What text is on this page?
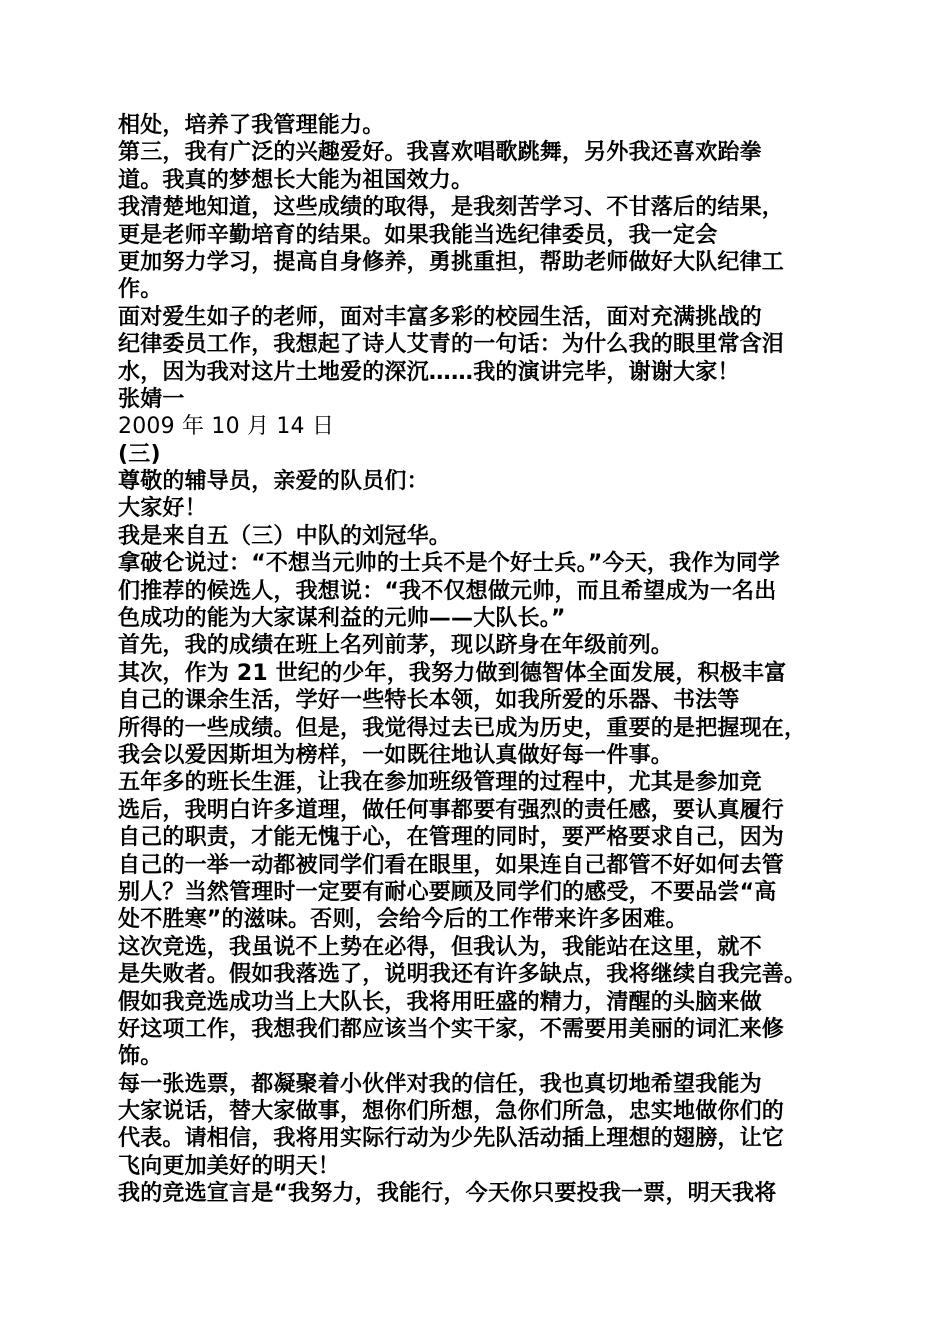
相处，培养了我管理能力。
第三，我有广泛的兴趣爱好。我喜欢唱歌跳舞，另外我还喜欢跆拳
道。我真的梦想长大能为祖国效力。
我清楚地知道，这些成绩的取得，是我刻苦学习、不甘落后的结果，
更是老师辛勤培育的结果。如果我能当选纪律委员，我一定会
更加努力学习，提高自身修养，勇挑重担，帮助老师做好大队纪律工
作。
面对爱生如子的老师，面对丰富多彩的校园生活，面对充满挑战的
纪律委员工作，我想起了诗人艾青的一句话：为什么我的眼里常含泪
水，因为我对这片土地爱的深沉……我的演讲完毕，谢谢大家！
张婧一
2009 年 10 月 14 日
(三)
尊敬的辅导员，亲爱的队员们：
大家好！
我是来自五（三）中队的刘冠华。
拿破仑说过：“不想当元帅的士兵不是个好士兵。”今天，我作为同学
们推荐的候选人，我想说：“我不仅想做元帅，而且希望成为一名出
色成功的能为大家谋利益的元帅——大队长。”
首先，我的成绩在班上名列前茅，现以跻身在年级前列。
其次，作为 21 世纪的少年，我努力做到德智体全面发展，积极丰富
自己的课余生活，学好一些特长本领，如我所爱的乐器、书法等
所得的一些成绩。但是，我觉得过去已成为历史，重要的是把握现在，
我会以爱因斯坦为榜样，一如既往地认真做好每一件事。
五年多的班长生涯，让我在参加班级管理的过程中，尤其是参加竞
选后，我明白许多道理，做任何事都要有强烈的责任感，要认真履行
自己的职责，才能无愧于心，在管理的同时，要严格要求自己，因为
自己的一举一动都被同学们看在眼里，如果连自己都管不好如何去管
别人？当然管理时一定要有耐心要顾及同学们的感受，不要品尝“高
处不胜寒”的滋味。否则，会给今后的工作带来许多困难。
这次竞选，我虽说不上势在必得，但我认为，我能站在这里，就不
是失败者。假如我落选了，说明我还有许多缺点，我将继续自我完善。
假如我竞选成功当上大队长，我将用旺盛的精力，清醒的头脑来做
好这项工作，我想我们都应该当个实干家，不需要用美丽的词汇来修
饰。
每一张选票，都凝聚着小伙伴对我的信任，我也真切地希望我能为
大家说话，替大家做事，想你们所想，急你们所急，忠实地做你们的
代表。请相信，我将用实际行动为少先队活动插上理想的翅膀，让它
飞向更加美好的明天！
我的竞选宣言是“我努力，我能行，今天你只要投我一票，明天我将
